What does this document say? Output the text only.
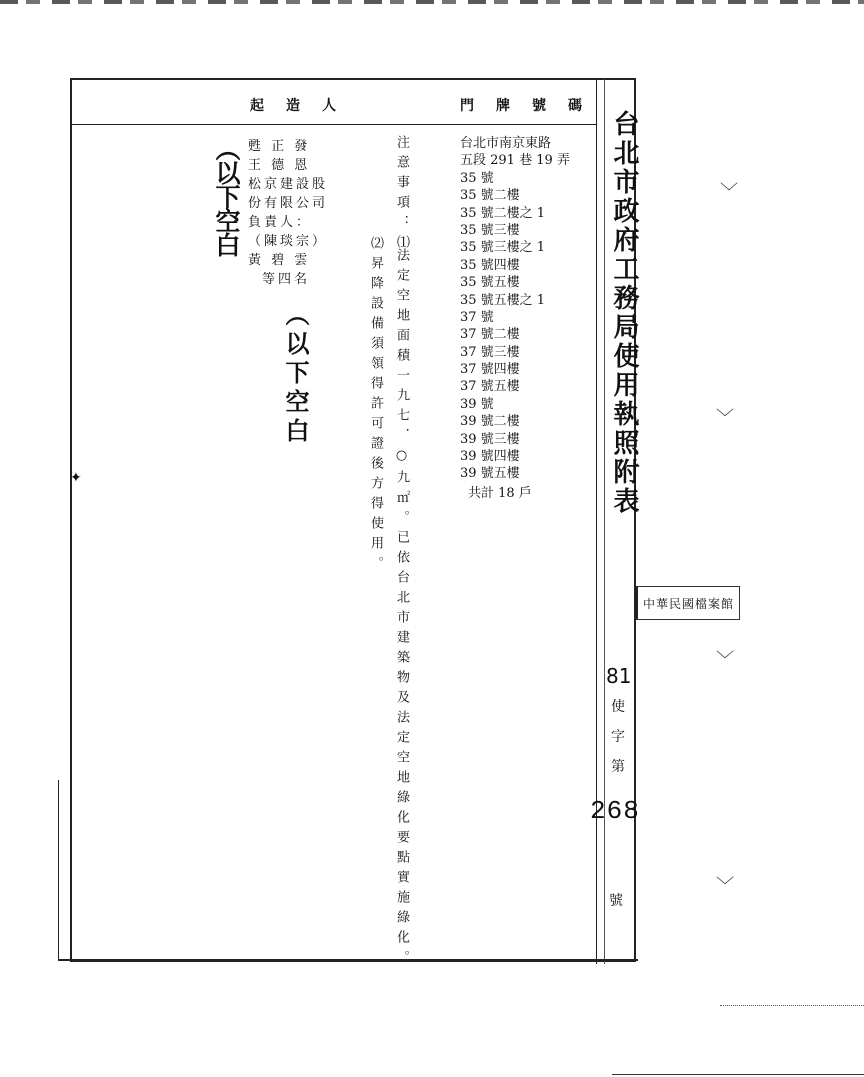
起造人	門牌號碼
台北市政府工務局使用執照附表
（以下空白 甦 正 發
王 德 恩
松京建設股
份有限公司
負責人：
（陳琰宗）
黃 碧 雲
等四名
（以下空白
注意事項：⑴
法定空地面積一九七．○九㎡。已依台北市建築物及法定空地綠化要點實施綠化。
⑵昇降設備須領得許可證後方得使用。
台北市南京東路
五段 291 巷 19 弄
35 號
35 號二樓
35 號二樓之 1
35 號三樓
35 號三樓之 1
35 號四樓
35 號五樓
35 號五樓之 1
37 號
37 號二樓
37 號三樓
37 號四樓
37 號五樓
39 號
39 號二樓
39 號三樓
39 號四樓
39 號五樓
共計 18 戶
中華民國檔案館
81
使
字
第
268
號
﹀
﹀
﹀
﹀
✦
